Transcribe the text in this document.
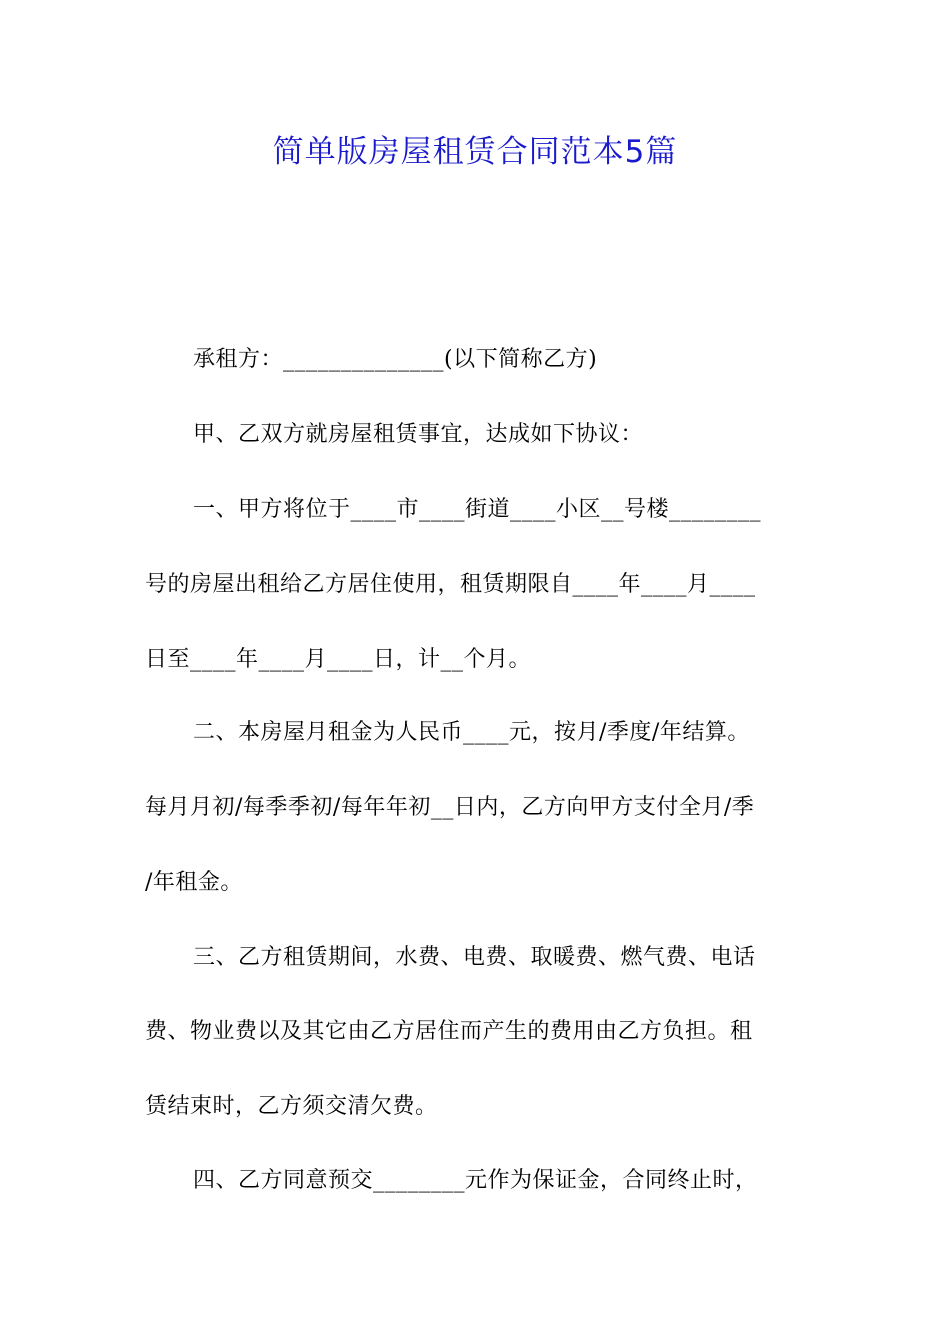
简单版房屋租赁合同范本5篇
承租方：______________(以下简称乙方)
甲、乙双方就房屋租赁事宜，达成如下协议：
一、甲方将位于____市____街道____小区__号楼________
号的房屋出租给乙方居住使用，租赁期限自____年____月____
日至____年____月____日，计__个月。
二、本房屋月租金为人民币____元，按月/季度/年结算。
每月月初/每季季初/每年年初__日内，乙方向甲方支付全月/季
/年租金。
三、乙方租赁期间，水费、电费、取暖费、燃气费、电话
费、物业费以及其它由乙方居住而产生的费用由乙方负担。租
赁结束时，乙方须交清欠费。
四、乙方同意预交________元作为保证金，合同终止时，
